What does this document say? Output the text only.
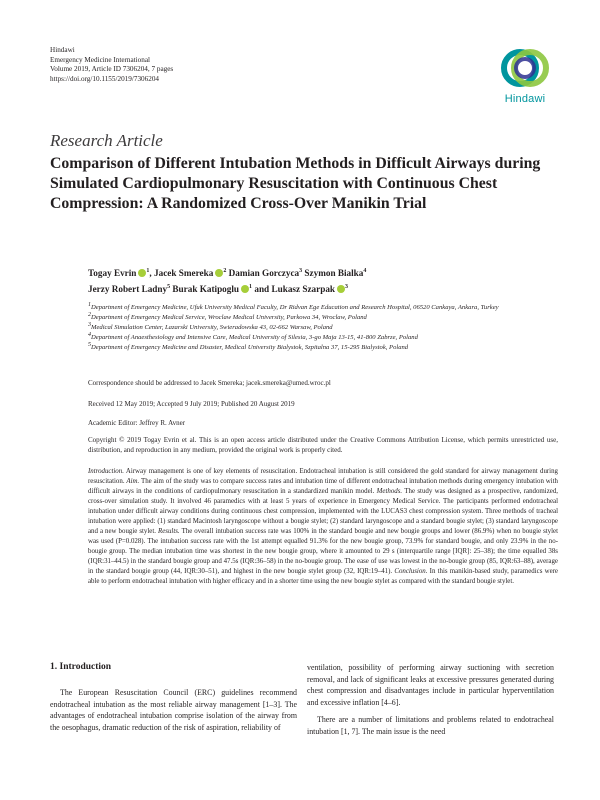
Hindawi
Emergency Medicine International
Volume 2019, Article ID 7306204, 7 pages
https://doi.org/10.1155/2019/7306204
Hindawi
Research Article
Comparison of Different Intubation Methods in Difficult Airways during Simulated Cardiopulmonary Resuscitation with Continuous Chest Compression: A Randomized Cross-Over Manikin Trial
Togay Evrin $^1$, Jacek Smereka $^2$ Damian Gorczyca$^3$ Szymon Bialka$^4$
Jerzy Robert Ladny$^5$ Burak Katipoglu $^1$ and Lukasz Szarpak $^3$
$^1$Department of Emergency Medicine, Ufuk University Medical Faculty, Dr Ridvan Ege Education and Research Hospital, 06520 Cankaya, Ankara, Turkey
$^2$Department of Emergency Medical Service, Wroclaw Medical University, Parkowa 34, Wroclaw, Poland
$^3$Medical Simulation Center, Lazarski University, Swieradowska 43, 02-662 Warsaw, Poland
$^4$Department of Anaesthesiology and Intensive Care, Medical University of Silesia, 3-go Maja 13-15, 41-800 Zabrze, Poland
$^5$Department of Emergency Medicine and Disaster, Medical University Bialystok, Szpitalna 37, 15-295 Bialystok, Poland
Correspondence should be addressed to Jacek Smereka; jacek.smereka@umed.wroc.pl
Received 12 May 2019; Accepted 9 July 2019; Published 20 August 2019
Academic Editor: Jeffrey R. Avner
Copyright © 2019 Togay Evrin et al. This is an open access article distributed under the Creative Commons Attribution License, which permits unrestricted use, distribution, and reproduction in any medium, provided the original work is properly cited.
Introduction. Airway management is one of key elements of resuscitation. Endotracheal intubation is still considered the gold standard for airway management during resuscitation. Aim. The aim of the study was to compare success rates and intubation time of different endotracheal intubation methods during emergency intubation with difficult airways in the conditions of cardiopulmonary resuscitation in a standardized manikin model. Methods. The study was designed as a prospective, randomized, cross-over simulation study. It involved 46 paramedics with at least 5 years of experience in Emergency Medical Service. The participants performed endotracheal intubation under difficult airway conditions during continuous chest compression, implemented with the LUCAS3 chest compression system. Three methods of tracheal intubation were applied: (1) standard Macintosh laryngoscope without a bougie stylet; (2) standard laryngoscope and a standard bougie stylet; (3) standard laryngoscope and a new bougie stylet. Results. The overall intubation success rate was 100% in the standard bougie and new bougie groups and lower (86.9%) when no bougie stylet was used (P=0.028). The intubation success rate with the 1st attempt equalled 91.3% for the new bougie group, 73.9% for standard bougie, and only 23.9% in the no-bougie group. The median intubation time was shortest in the new bougie group, where it amounted to 29 s (interquartile range [IQR]: 25–38); the time equalled 38s (IQR:31–44.5) in the standard bougie group and 47.5s (IQR:36–58) in the no-bougie group. The ease of use was lowest in the no-bougie group (85, IQR:63–88), average in the standard bougie group (44, IQR:30–51), and highest in the new bougie stylet group (32, IQR:19–41). Conclusion. In this manikin-based study, paramedics were able to perform endotracheal intubation with higher efficacy and in a shorter time using the new bougie stylet as compared with the standard bougie stylet.
1. Introduction

The European Resuscitation Council (ERC) guidelines recommend endotracheal intubation as the most reliable airway management [1–3]. The advantages of endotracheal intubation comprise isolation of the airway from the oesophagus, dramatic reduction of the risk of aspiration, reliability of

ventilation, possibility of performing airway suctioning with secretion removal, and lack of significant leaks at excessive pressures generated during chest compression and disadvantages include in particular hyperventilation and excessive inflation [4–6].

There are a number of limitations and problems related to endotracheal intubation [1, 7]. The main issue is the need
